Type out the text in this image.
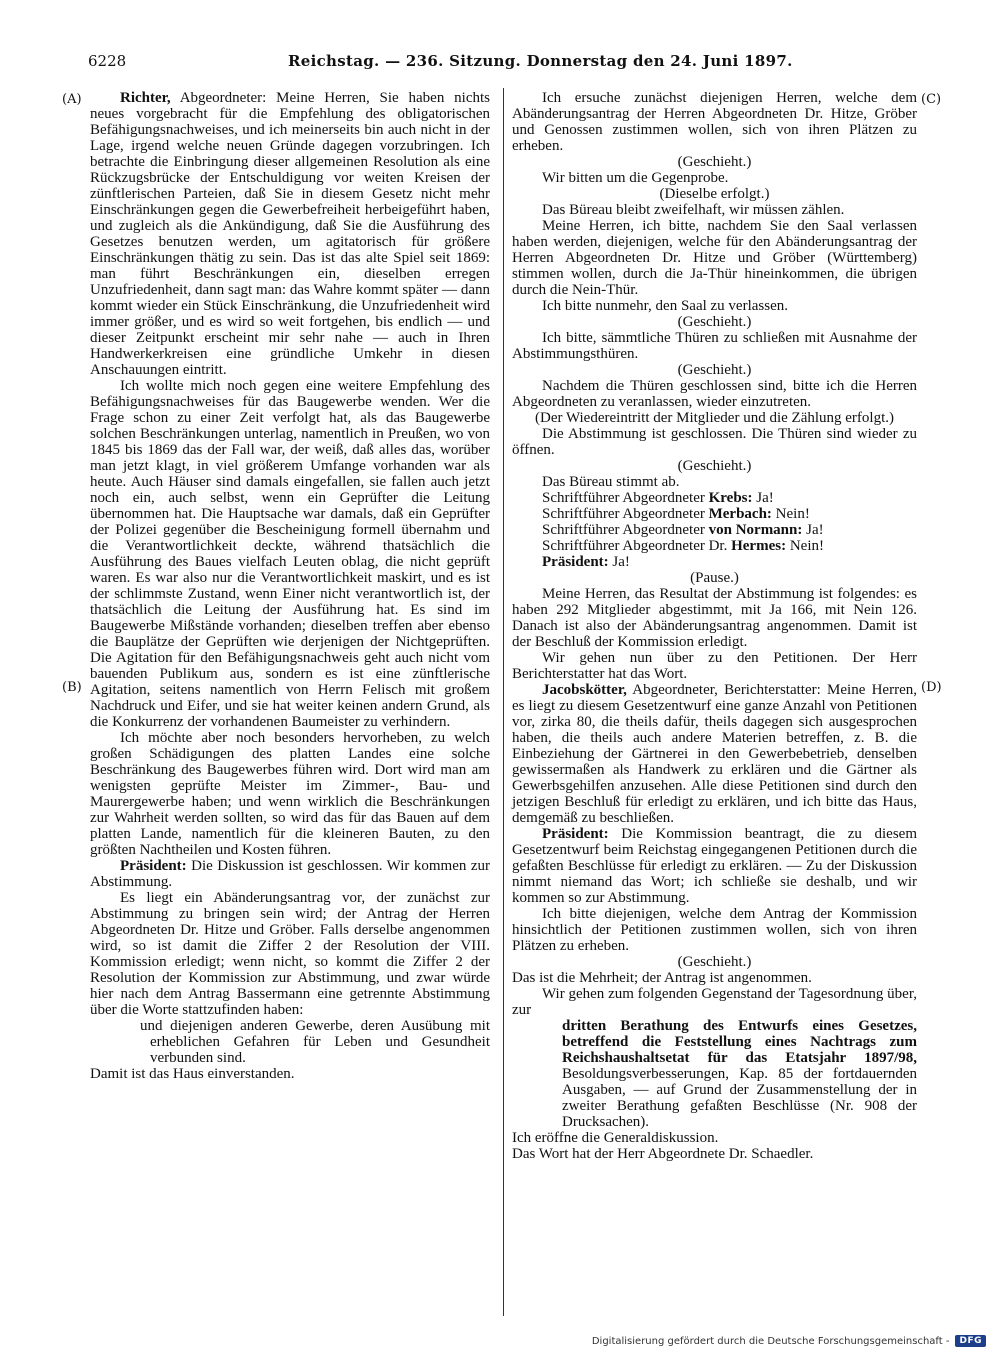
6228	Reichstag. — 236. Sitzung. Donnerstag den 24. Juni 1897.
(A)
(B)
(C)
(D)

Richter, Abgeordneter: Meine Herren, Sie haben nichts neues vorgebracht für die Empfehlung des obligatorischen Befähigungsnachweises, und ich meinerseits bin auch nicht in der Lage, irgend welche neuen Gründe dagegen vorzubringen. Ich betrachte die Einbringung dieser allgemeinen Resolution als eine Rückzugsbrücke der Entschuldigung vor weiten Kreisen der zünftlerischen Parteien, daß Sie in diesem Gesetz nicht mehr Einschränkungen gegen die Gewerbefreiheit herbeigeführt haben, und zugleich als die Ankündigung, daß Sie die Ausführung des Gesetzes benutzen werden, um agitatorisch für größere Einschränkungen thätig zu sein. Das ist das alte Spiel seit 1869: man führt Beschränkungen ein, dieselben erregen Unzufriedenheit, dann sagt man: das Wahre kommt später — dann kommt wieder ein Stück Einschränkung, die Unzufriedenheit wird immer größer, und es wird so weit fortgehen, bis endlich — und dieser Zeitpunkt erscheint mir sehr nahe — auch in Ihren Handwerkerkreisen eine gründliche Umkehr in diesen Anschauungen eintritt.

Ich wollte mich noch gegen eine weitere Empfehlung des Befähigungsnachweises für das Baugewerbe wenden. Wer die Frage schon zu einer Zeit verfolgt hat, als das Baugewerbe solchen Beschränkungen unterlag, namentlich in Preußen, wo von 1845 bis 1869 das der Fall war, der weiß, daß alles das, worüber man jetzt klagt, in viel größerem Umfange vorhanden war als heute. Auch Häuser sind damals eingefallen, sie fallen auch jetzt noch ein, auch selbst, wenn ein Geprüfter die Leitung übernommen hat. Die Hauptsache war damals, daß ein Geprüfter der Polizei gegenüber die Bescheinigung formell übernahm und die Verantwortlichkeit deckte, während thatsächlich die Ausführung des Baues vielfach Leuten oblag, die nicht geprüft waren. Es war also nur die Verantwortlichkeit maskirt, und es ist der schlimmste Zustand, wenn Einer nicht verantwortlich ist, der thatsächlich die Leitung der Ausführung hat. Es sind im Baugewerbe Mißstände vorhanden; dieselben treffen aber ebenso die Bauplätze der Geprüften wie derjenigen der Nichtgeprüften. Die Agitation für den Befähigungsnachweis geht auch nicht vom bauenden Publikum aus, sondern es ist eine zünftlerische Agitation, seitens namentlich von Herrn Felisch mit großem Nachdruck und Eifer, und sie hat weiter keinen andern Grund, als die Konkurrenz der vorhandenen Baumeister zu verhindern.

Ich möchte aber noch besonders hervorheben, zu welch großen Schädigungen des platten Landes eine solche Beschränkung des Baugewerbes führen wird. Dort wird man am wenigsten geprüfte Meister im Zimmer-, Bau- und Maurergewerbe haben; und wenn wirklich die Beschränkungen zur Wahrheit werden sollten, so wird das für das Bauen auf dem platten Lande, namentlich für die kleineren Bauten, zu den größten Nachtheilen und Kosten führen.

Präsident: Die Diskussion ist geschlossen. Wir kommen zur Abstimmung.

Es liegt ein Abänderungsantrag vor, der zunächst zur Abstimmung zu bringen sein wird; der Antrag der Herren Abgeordneten Dr. Hitze und Gröber. Falls derselbe angenommen wird, so ist damit die Ziffer 2 der Resolution der VIII. Kommission erledigt; wenn nicht, so kommt die Ziffer 2 der Resolution der Kommission zur Abstimmung, und zwar würde hier nach dem Antrag Bassermann eine getrennte Abstimmung über die Worte stattzufinden haben:

und diejenigen anderen Gewerbe, deren Ausübung mit erheblichen Gefahren für Leben und Gesundheit verbunden sind.

Damit ist das Haus einverstanden.

Ich ersuche zunächst diejenigen Herren, welche dem Abänderungsantrag der Herren Abgeordneten Dr. Hitze, Gröber und Genossen zustimmen wollen, sich von ihren Plätzen zu erheben.

(Geschieht.)

Wir bitten um die Gegenprobe.

(Dieselbe erfolgt.)

Das Büreau bleibt zweifelhaft, wir müssen zählen.

Meine Herren, ich bitte, nachdem Sie den Saal verlassen haben werden, diejenigen, welche für den Abänderungsantrag der Herren Abgeordneten Dr. Hitze und Gröber (Württemberg) stimmen wollen, durch die Ja-Thür hineinkommen, die übrigen durch die Nein-Thür.

Ich bitte nunmehr, den Saal zu verlassen.

(Geschieht.)

Ich bitte, sämmtliche Thüren zu schließen mit Ausnahme der Abstimmungsthüren.

(Geschieht.)

Nachdem die Thüren geschlossen sind, bitte ich die Herren Abgeordneten zu veranlassen, wieder einzutreten.

(Der Wiedereintritt der Mitglieder und die Zählung erfolgt.)

Die Abstimmung ist geschlossen. Die Thüren sind wieder zu öffnen.

(Geschieht.)

Das Büreau stimmt ab.

Schriftführer Abgeordneter Krebs: Ja!

Schriftführer Abgeordneter Merbach: Nein!

Schriftführer Abgeordneter von Normann: Ja!

Schriftführer Abgeordneter Dr. Hermes: Nein!

Präsident: Ja!

(Pause.)

Meine Herren, das Resultat der Abstimmung ist folgendes: es haben 292 Mitglieder abgestimmt, mit Ja 166, mit Nein 126. Danach ist also der Abänderungsantrag angenommen. Damit ist der Beschluß der Kommission erledigt.

Wir gehen nun über zu den Petitionen. Der Herr Berichterstatter hat das Wort.

Jacobskötter, Abgeordneter, Berichterstatter: Meine Herren, es liegt zu diesem Gesetzentwurf eine ganze Anzahl von Petitionen vor, zirka 80, die theils dafür, theils dagegen sich ausgesprochen haben, die theils auch andere Materien betreffen, z. B. die Einbeziehung der Gärtnerei in den Gewerbebetrieb, denselben gewissermaßen als Handwerk zu erklären und die Gärtner als Gewerbsgehilfen anzusehen. Alle diese Petitionen sind durch den jetzigen Beschluß für erledigt zu erklären, und ich bitte das Haus, demgemäß zu beschließen.

Präsident: Die Kommission beantragt, die zu diesem Gesetzentwurf beim Reichstag eingegangenen Petitionen durch die gefaßten Beschlüsse für erledigt zu erklären. — Zu der Diskussion nimmt niemand das Wort; ich schließe sie deshalb, und wir kommen so zur Abstimmung.

Ich bitte diejenigen, welche dem Antrag der Kommission hinsichtlich der Petitionen zustimmen wollen, sich von ihren Plätzen zu erheben.

(Geschieht.)

Das ist die Mehrheit; der Antrag ist angenommen.

Wir gehen zum folgenden Gegenstand der Tagesordnung über, zur

dritten Berathung des Entwurfs eines Gesetzes, betreffend die Feststellung eines Nachtrags zum Reichshaushaltsetat für das Etatsjahr 1897/98, Besoldungsverbesserungen, Kap. 85 der fortdauernden Ausgaben, — auf Grund der Zusammenstellung der in zweiter Berathung gefaßten Beschlüsse (Nr. 908 der Drucksachen).

Ich eröffne die Generaldiskussion.

Das Wort hat der Herr Abgeordnete Dr. Schaedler.

Digitalisierung gefördert durch die Deutsche Forschungsgemeinschaft -	DFG
